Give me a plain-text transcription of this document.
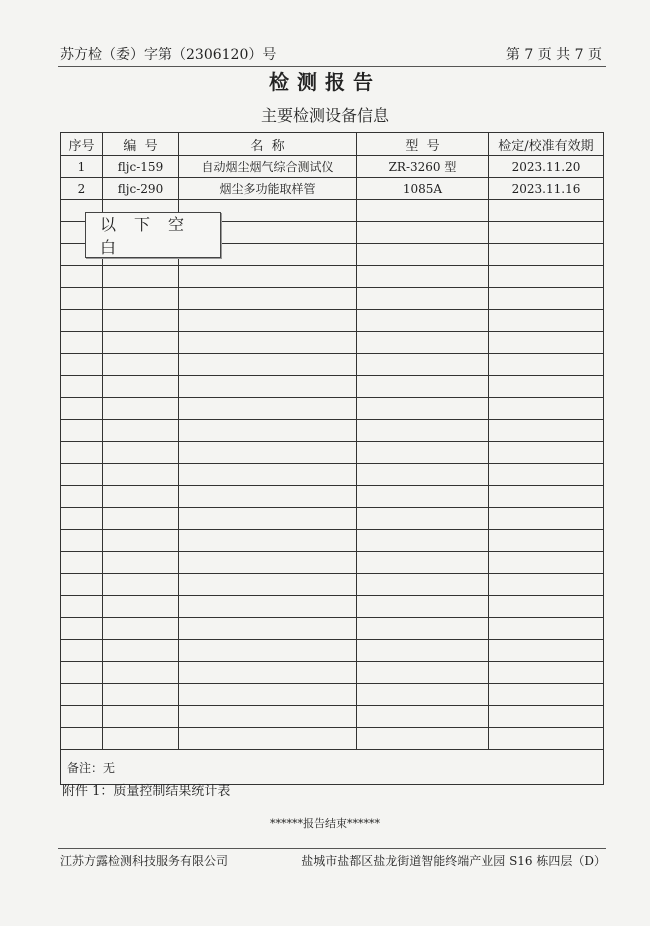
苏方检（委）字第（2306120）号	第 7 页 共 7 页
检测报告
主要检测设备信息
序号	编  号	名  称	型  号	检定/校准有效期
1	fljc-159	自动烟尘烟气综合测试仪	ZR-3260 型	2023.11.20
2	fljc-290	烟尘多功能取样管	1085A	2023.11.16

备注：无				
以下空白
附件 1：质量控制结果统计表
******报告结束******
江苏方露检测科技服务有限公司	盐城市盐都区盐龙街道智能终端产业园 S16 栋四层（D）
